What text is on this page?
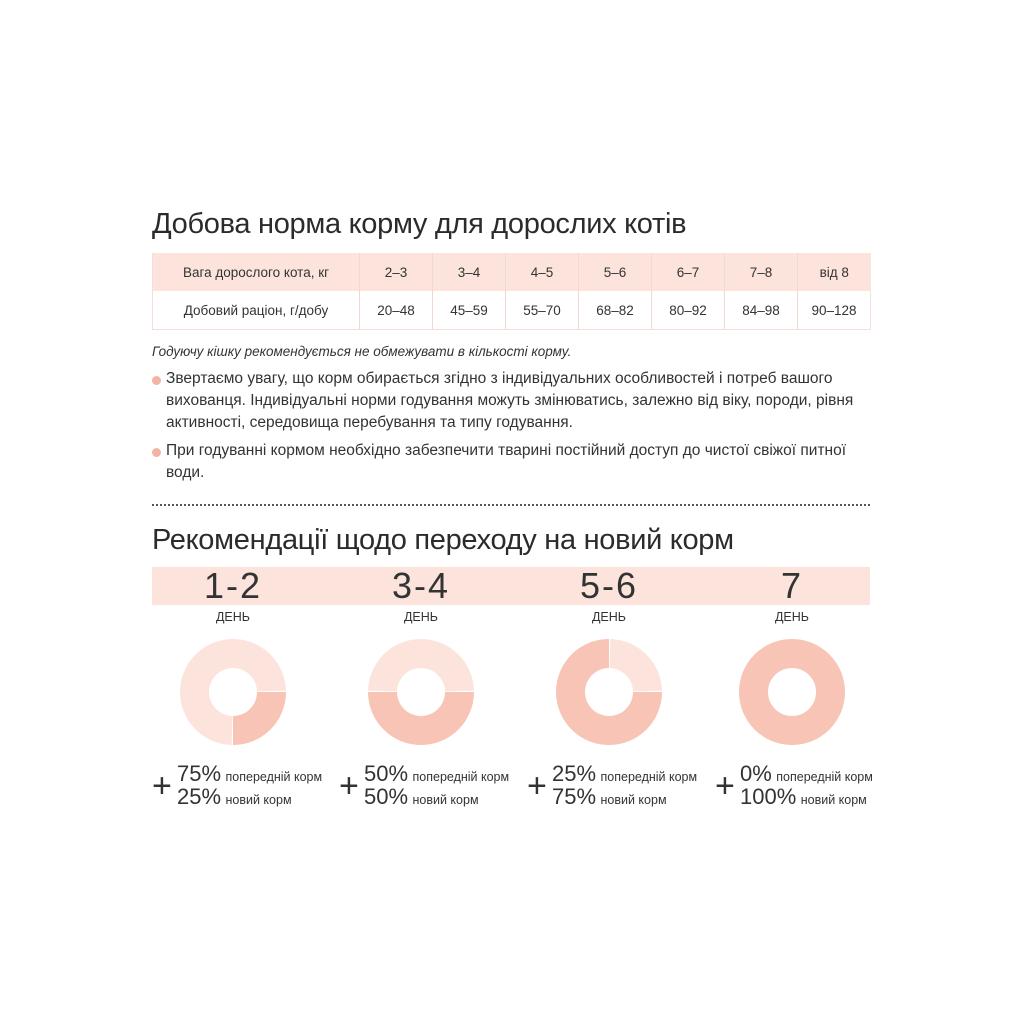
Добова норма корму для дорослих котів
Вага дорослого кота, кг	2–3	3–4	4–5	5–6	6–7	7–8	від 8
Добовий раціон, г/добу	20–48	45–59	55–70	68–82	80–92	84–98	90–128

Годуючу кішку рекомендується не обмежувати в кількості корму.

Звертаємо увагу, що корм обирається згідно з індивідуальних особливостей і потреб вашого вихованця. Індивідуальні норми годування можуть змінюватись, залежно від віку, породи, рівня активності, середовища перебування та типу годування.
При годуванні кормом необхідно забезпечити тварині постійний доступ до чистої свіжої питної води.
Рекомендації щодо переходу на новий корм
1-2
ДЕНЬ
3-4
ДЕНЬ
5-6
ДЕНЬ
7
ДЕНЬ
+ 75% попередній корм
25% новий корм + 50% попередній корм
50% новий корм + 25% попередній корм
75% новий корм + 0% попередній корм
100% новий корм
